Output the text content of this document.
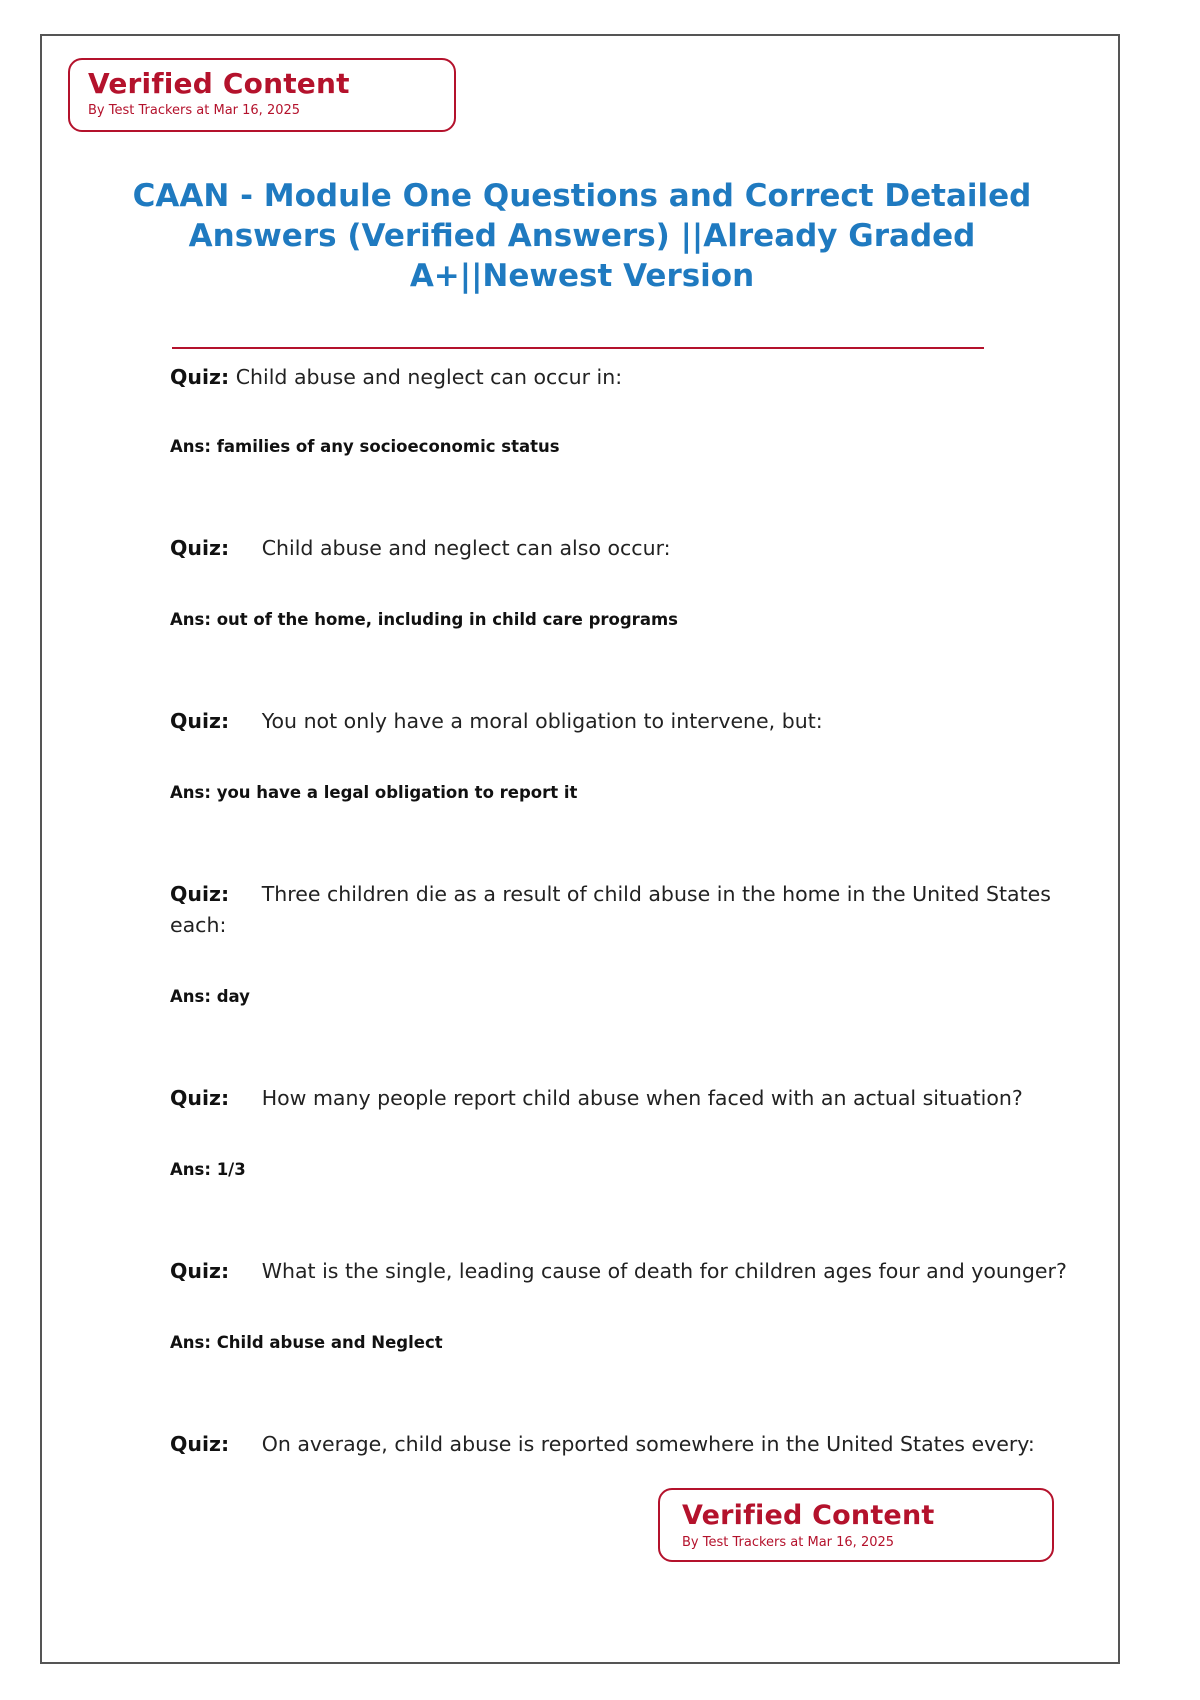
Verified Content
By Test Trackers at Mar 16, 2025
CAAN - Module One Questions and Correct Detailed Answers (Verified Answers) ||Already Graded
A+||Newest Version
Quiz: Child abuse and neglect can occur in:
Ans: families of any socioeconomic status
Quiz: Child abuse and neglect can also occur:
Ans: out of the home, including in child care programs
Quiz: You not only have a moral obligation to intervene, but:
Ans: you have a legal obligation to report it
Quiz: Three children die as a result of child abuse in the home in the United States each:
Ans: day
Quiz: How many people report child abuse when faced with an actual situation?
Ans: 1/3
Quiz: What is the single, leading cause of death for children ages four and younger?
Ans: Child abuse and Neglect
Quiz: On average, child abuse is reported somewhere in the United States every:
Verified Content
By Test Trackers at Mar 16, 2025
